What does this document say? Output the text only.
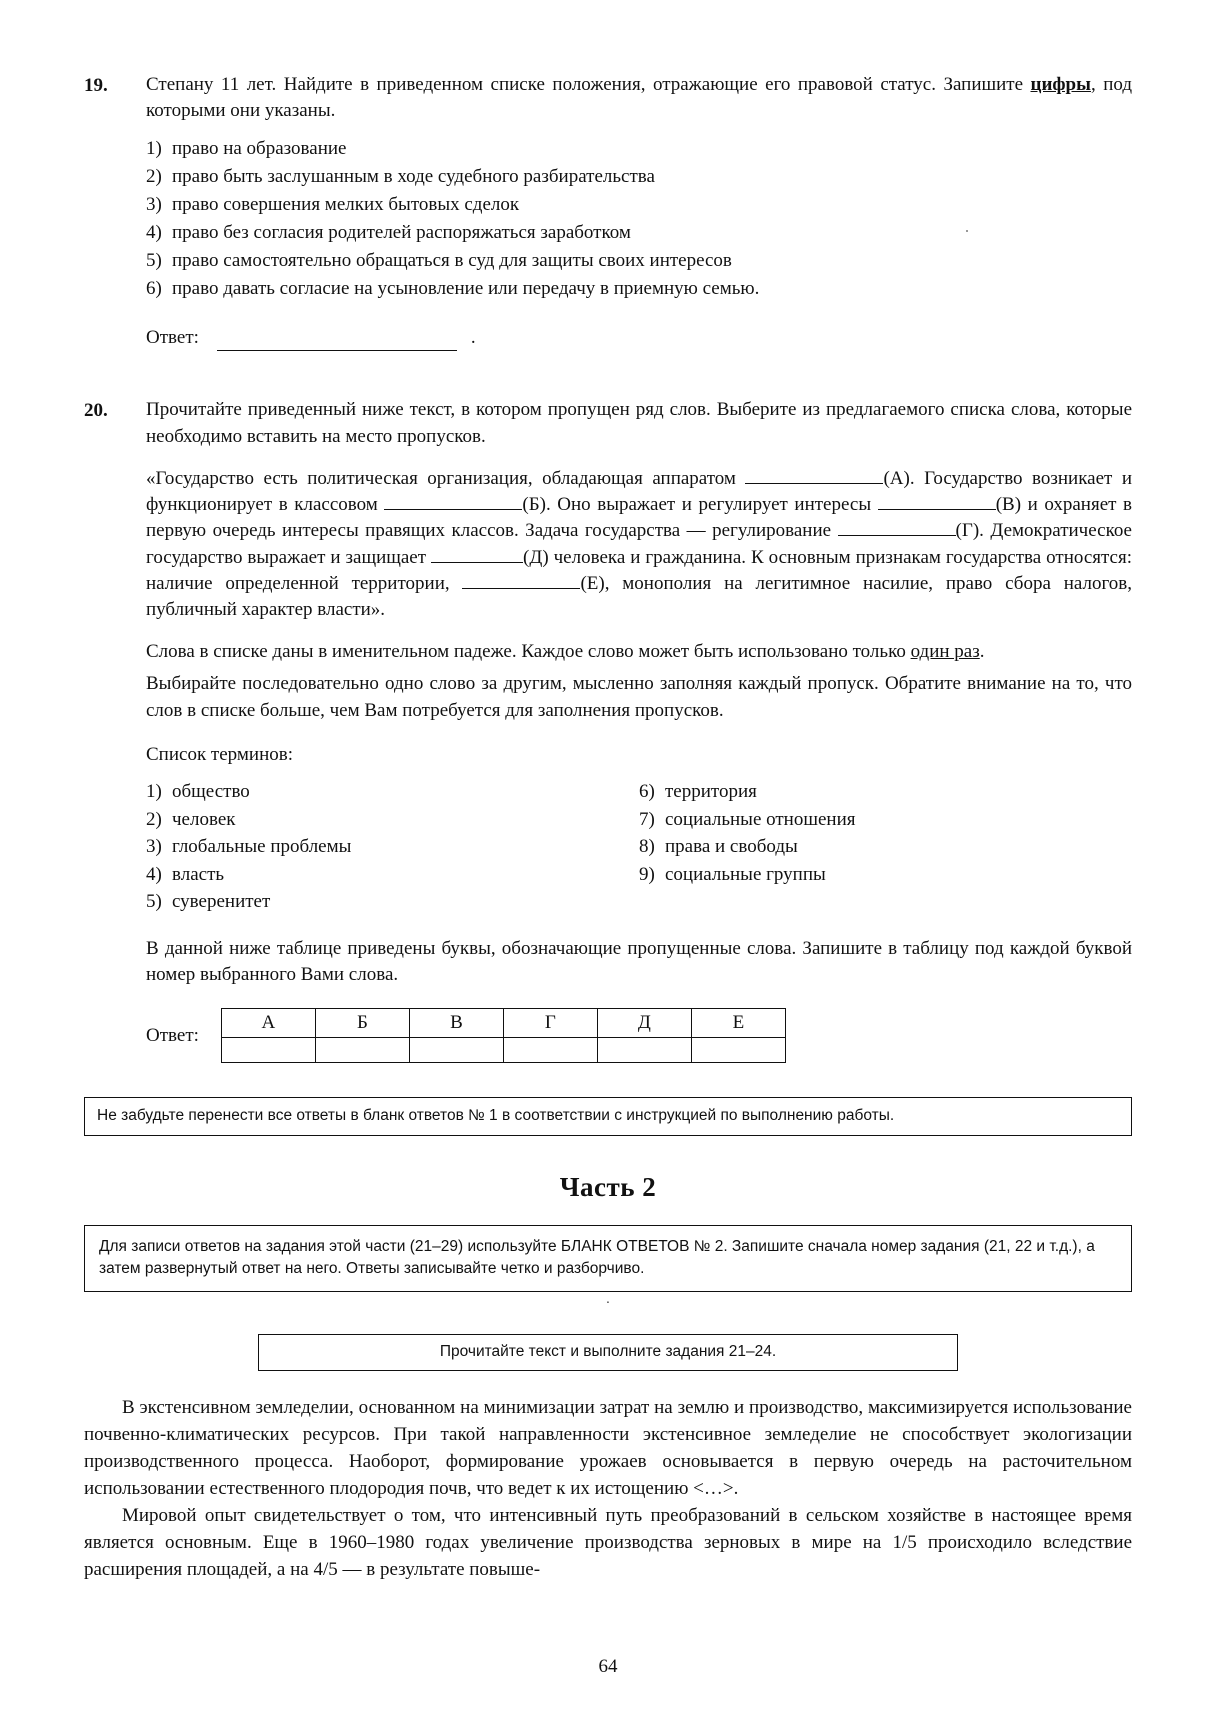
19.	Степану 11 лет. Найдите в приведенном списке положения, отражающие его правовой статус. Запишите цифры, под которыми они указаны.
1) право на образование
2) право быть заслушанным в ходе судебного разбирательства
3) право совершения мелких бытовых сделок
4) право без согласия родителей распоряжаться заработком
5) право самостоятельно обращаться в суд для защиты своих интересов
6) право давать согласие на усыновление или передачу в приемную семью.
Ответ:	.
20.	Прочитайте приведенный ниже текст, в котором пропущен ряд слов. Выберите из предлагаемого списка слова, которые необходимо вставить на место пропусков.
«Государство есть политическая организация, обладающая аппаратом	(А). Государство возникает и функционирует в классовом	(Б). Оно выражает и регулирует интересы	(В) и охраняет в первую очередь интересы правящих классов. Задача государства — регулирование	(Г). Демократическое государство выражает и защищает	(Д) человека и гражданина. К основным признакам государства относятся: наличие определенной территории,	(Е), монополия на легитимное насилие, право сбора налогов, публичный характер власти».
Слова в списке даны в именительном падеже. Каждое слово может быть использовано только один раз.
Выбирайте последовательно одно слово за другим, мысленно заполняя каждый пропуск. Обратите внимание на то, что слов в списке больше, чем Вам потребуется для заполнения пропусков.
Список терминов:
1) общество
2) человек
3) глобальные проблемы
4) власть
5) суверенитет
6) территория
7) социальные отношения
8) права и свободы
9) социальные группы
В данной ниже таблице приведены буквы, обозначающие пропущенные слова. Запишите в таблицу под каждой буквой номер выбранного Вами слова.
Ответ:
А	Б	В	Г	Д	Е

Не забудьте перенести все ответы в бланк ответов № 1 в соответствии с инструкцией по выполнению работы.
Часть 2
Для записи ответов на задания этой части (21–29) используйте БЛАНК ОТВЕТОВ № 2. Запишите сначала номер задания (21, 22 и т.д.), а затем развернутый ответ на него. Ответы записывайте четко и разборчиво.
·
Прочитайте текст и выполните задания 21–24.

В экстенсивном земледелии, основанном на минимизации затрат на землю и производство, максимизируется использование почвенно-климатических ресурсов. При такой направленности экстенсивное земледелие не способствует экологизации производственного процесса. Наоборот, формирование урожаев основывается в первую очередь на расточительном использовании естественного плодородия почв, что ведет к их истощению <…>.

Мировой опыт свидетельствует о том, что интенсивный путь преобразований в сельском хозяйстве в настоящее время является основным. Еще в 1960–1980 годах увеличение производства зерновых в мире на 1/5 происходило вследствие расширения площадей, а на 4/5 — в результате повыше-

64
